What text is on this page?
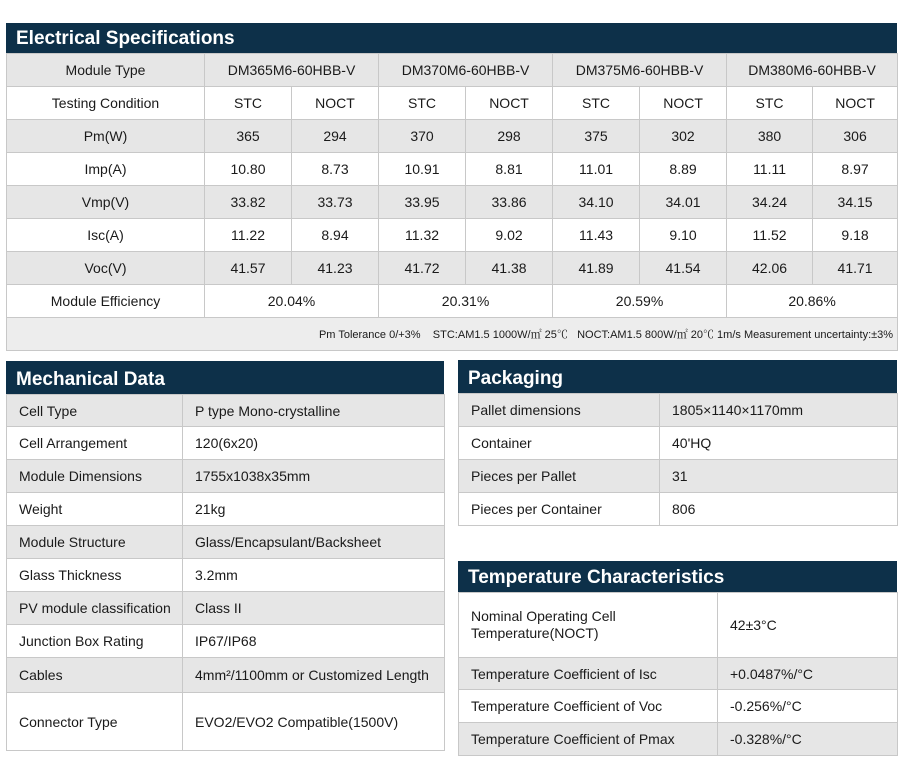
Electrical Specifications
Module Type	DM365M6-60HBB-V		DM370M6-60HBB-V		DM375M6-60HBB-V		DM380M6-60HBB-V	
Testing Condition	STC	NOCT	STC	NOCT	STC	NOCT	STC	NOCT
Pm(W)	365	294	370	298	375	302	380	306
Imp(A)	10.80	8.73	10.91	8.81	11.01	8.89	11.11	8.97
Vmp(V)	33.82	33.73	33.95	33.86	34.10	34.01	34.24	34.15
Isc(A)	11.22	8.94	11.32	9.02	11.43	9.10	11.52	9.18
Voc(V)	41.57	41.23	41.72	41.38	41.89	41.54	42.06	41.71
Module Efficiency	20.04%		20.31%		20.59%		20.86%	
Pm Tolerance 0/+3%    STC:AM1.5 1000W/㎡ 25℃   NOCT:AM1.5 800W/㎡ 20℃ 1m/s Measurement uncertainty:±3%								
Mechanical Data
Cell Type	P type Mono-crystalline
Cell Arrangement	120(6x20)
Module Dimensions	1755x1038x35mm
Weight	21kg
Module Structure	Glass/Encapsulant/Backsheet
Glass Thickness	3.2mm
PV module classification	Class II
Junction Box Rating	IP67/IP68
Cables	4mm²/1100mm or Customized Length
Connector Type	EVO2/EVO2 Compatible(1500V)
Packaging
Pallet dimensions	1805×1140×1170mm
Container	40'HQ
Pieces per Pallet	31
Pieces per Container	806
Temperature Characteristics
Nominal Operating Cell Temperature(NOCT)	42±3°C
Temperature Coefficient of Isc	+0.0487%/°C
Temperature Coefficient of Voc	-0.256%/°C
Temperature Coefficient of Pmax	-0.328%/°C
